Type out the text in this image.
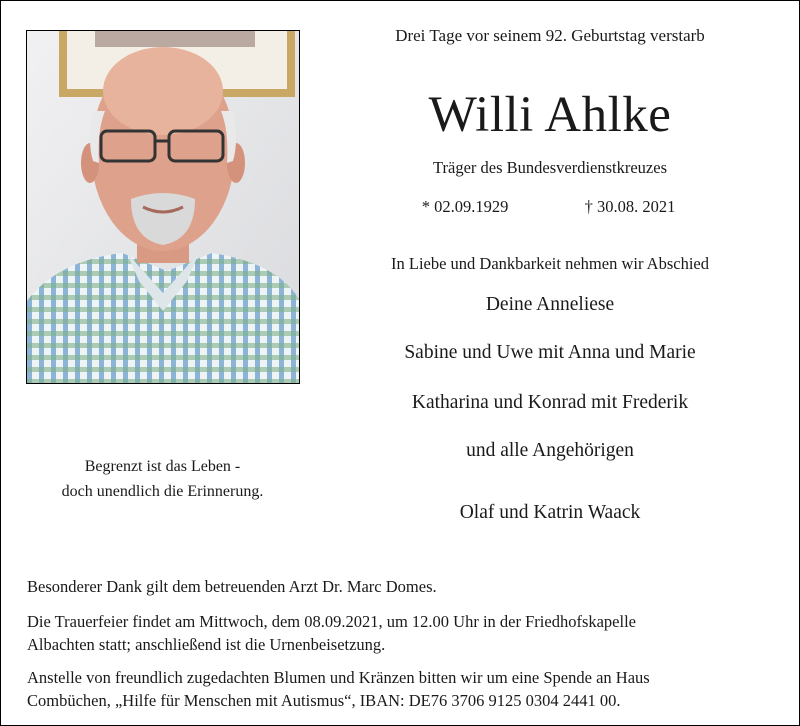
Drei Tage vor seinem 92. Geburtstag verstarb
Willi Ahlke
Träger des Bundesverdienstkreuzes
* 02.09.1929	† 30.08. 2021
In Liebe und Dankbarkeit nehmen wir Abschied
Deine Anneliese
Sabine und Uwe mit Anna und Marie
Katharina und Konrad mit Frederik
und alle Angehörigen
Olaf und Katrin Waack
Begrenzt ist das Leben -
doch unendlich die Erinnerung.
Besonderer Dank gilt dem betreuenden Arzt Dr. Marc Domes.
Die Trauerfeier findet am Mittwoch, dem 08.09.2021, um 12.00 Uhr in der Friedhofskapelle
Albachten statt; anschließend ist die Urnenbeisetzung.
Anstelle von freundlich zugedachten Blumen und Kränzen bitten wir um eine Spende an Haus
Combüchen, „Hilfe für Menschen mit Autismus“, IBAN: DE76 3706 9125 0304 2441 00.
